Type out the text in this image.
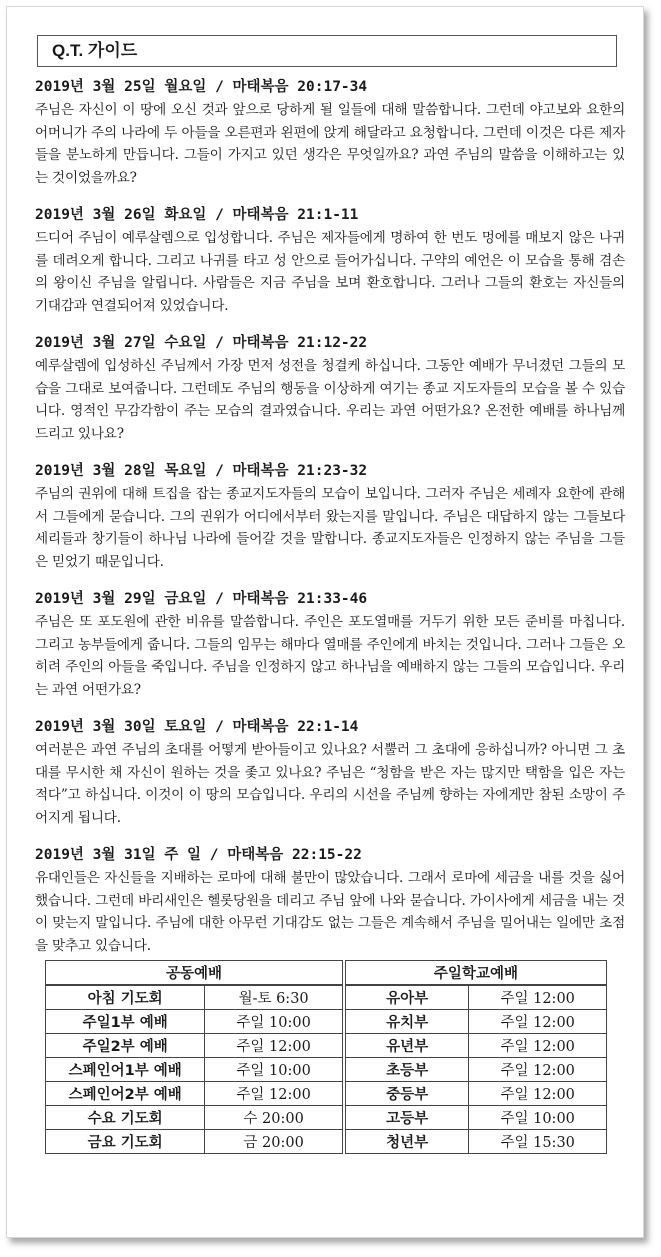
Q.T. 가이드
2019년 3월 25일 월요일 / 마태복음 20:17-34
주님은 자신이 이 땅에 오신 것과 앞으로 당하게 될 일들에 대해 말씀합니다. 그런데 야고보와 요한의 어머니가 주의 나라에 두 아들을 오른편과 왼편에 앉게 해달라고 요청합니다. 그런데 이것은 다른 제자들을 분노하게 만듭니다. 그들이 가지고 있던 생각은 무엇일까요? 과연 주님의 말씀을 이해하고는 있는 것이었을까요?
2019년 3월 26일 화요일 / 마태복음 21:1-11
드디어 주님이 예루살렘으로 입성합니다. 주님은 제자들에게 명하여 한 번도 멍에를 매보지 않은 나귀를 데려오게 합니다. 그리고 나귀를 타고 성 안으로 들어가십니다. 구약의 예언은 이 모습을 통해 겸손의 왕이신 주님을 알립니다. 사람들은 지금 주님을 보며 환호합니다. 그러나 그들의 환호는 자신들의 기대감과 연결되어져 있었습니다.
2019년 3월 27일 수요일 / 마태복음 21:12-22
예루살렘에 입성하신 주님께서 가장 먼저 성전을 청결케 하십니다. 그동안 예배가 무너졌던 그들의 모습을 그대로 보여줍니다. 그런데도 주님의 행동을 이상하게 여기는 종교 지도자들의 모습을 볼 수 있습니다. 영적인 무감각함이 주는 모습의 결과였습니다. 우리는 과연 어떤가요? 온전한 예배를 하나님께 드리고 있나요?
2019년 3월 28일 목요일 / 마태복음 21:23-32
주님의 권위에 대해 트집을 잡는 종교지도자들의 모습이 보입니다. 그러자 주님은 세례자 요한에 관해서 그들에게 묻습니다. 그의 권위가 어디에서부터 왔는지를 말입니다. 주님은 대답하지 않는 그들보다 세리들과 창기들이 하나님 나라에 들어갈 것을 말합니다. 종교지도자들은 인정하지 않는 주님을 그들은 믿었기 때문입니다.
2019년 3월 29일 금요일 / 마태복음 21:33-46
주님은 또 포도원에 관한 비유를 말씀합니다. 주인은 포도열매를 거두기 위한 모든 준비를 마칩니다. 그리고 농부들에게 줍니다. 그들의 임무는 해마다 열매를 주인에게 바치는 것입니다. 그러나 그들은 오히려 주인의 아들을 죽입니다. 주님을 인정하지 않고 하나님을 예배하지 않는 그들의 모습입니다. 우리는 과연 어떤가요?
2019년 3월 30일 토요일 / 마태복음 22:1-14
여러분은 과연 주님의 초대를 어떻게 받아들이고 있나요? 서뿔러 그 초대에 응하십니까? 아니면 그 초대를 무시한 채 자신이 원하는 것을 좇고 있나요? 주님은 “청함을 받은 자는 많지만 택함을 입은 자는 적다”고 하십니다. 이것이 이 땅의 모습입니다. 우리의 시선을 주님께 향하는 자에게만 참된 소망이 주어지게 됩니다.
2019년 3월 31일 주 일 / 마태복음 22:15-22
유대인들은 자신들을 지배하는 로마에 대해 불만이 많았습니다. 그래서 로마에 세금을 내를 것을 싫어했습니다. 그런데 바리새인은 헬롯당원을 데리고 주님 앞에 나와 묻습니다. 가이사에게 세금을 내는 것이 맞는지 말입니다. 주님에 대한 아무런 기대감도 없는 그들은 계속해서 주님을 밀어내는 일에만 초점을 맞추고 있습니다.
공동예배			주일학교예배	
아침 기도회	월-토 6:30		유아부	주일 12:00
주일1부 예배	주일 10:00		유치부	주일 12:00
주일2부 예배	주일 12:00		유년부	주일 12:00
스페인어1부 예배	주일 10:00		초등부	주일 12:00
스페인어2부 예배	주일 12:00		중등부	주일 12:00
수요 기도회	수 20:00		고등부	주일 10:00
금요 기도회	금 20:00		청년부	주일 15:30
